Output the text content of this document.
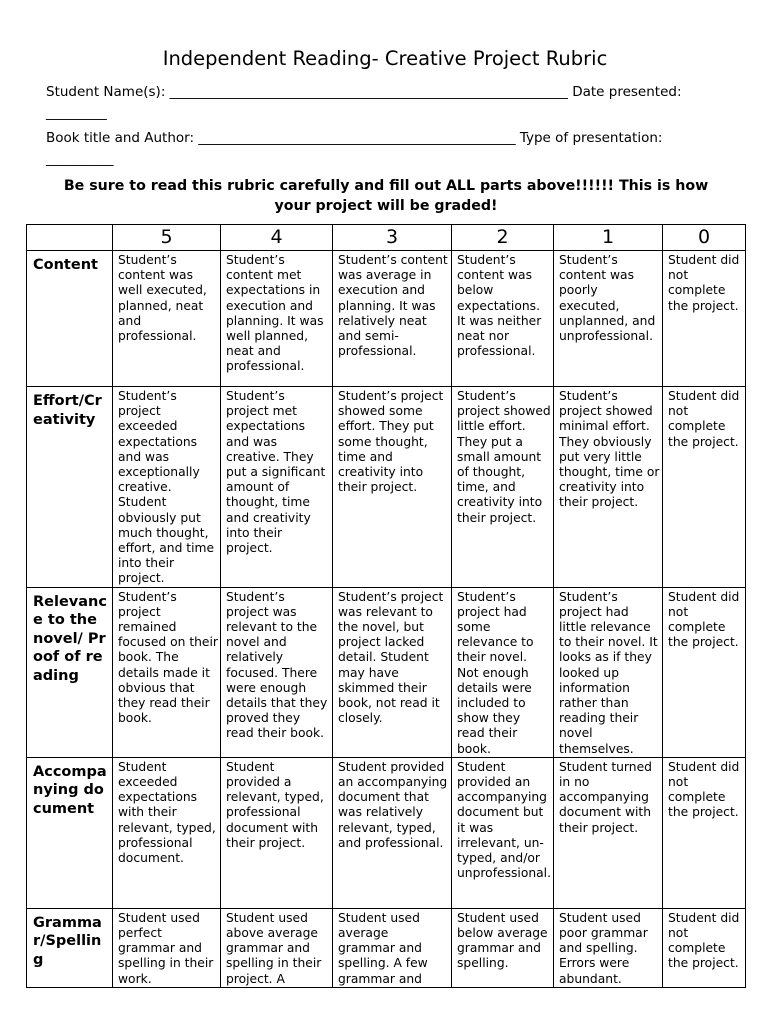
Independent Reading- Creative Project Rubric
Student Name(s): ___________________________________________________________ Date presented:
_________
Book title and Author: _______________________________________________ Type of presentation:
__________
Be sure to read this rubric carefully and fill out ALL parts above!!!!!! This is how your project will be graded!
	5	4	3	2	1	0
Content	Student’s content was well executed, planned, neat and professional.	Student’s content met expectations in execution and planning. It was well planned, neat and professional.	Student’s content was average in execution and planning. It was relatively neat and semi-professional.	Student’s content was below expectations. It was neither neat nor professional.	Student’s content was poorly executed, unplanned, and unprofessional.	Student did not complete the project.

Effort/Creativity	Student’s project exceeded expectations and was exceptionally creative. Student obviously put much thought, effort, and time into their project.	Student’s project met expectations and was creative. They put a significant amount of thought, time and creativity into their project.	Student’s project showed some effort. They put some thought, time and creativity into their project.	Student’s project showed little effort. They put a small amount of thought, time, and creativity into their project.	Student’s project showed minimal effort. They obviously put very little thought, time or creativity into their project.	Student did not complete the project.

Relevance to the novel/ Proof of reading	Student’s project remained focused on their book. The details made it obvious that they read their book.	Student’s project was relevant to the novel and relatively focused. There were enough details that they proved they read their book.	Student’s project was relevant to the novel, but project lacked detail. Student may have skimmed their book, not read it closely.	Student’s project had some relevance to their novel. Not enough details were included to show they read their book.	Student’s project had little relevance to their novel. It looks as if they looked up information rather than reading their novel themselves.	Student did not complete the project.

Accompanying document	Student exceeded expectations with their relevant, typed, professional document.	Student provided a relevant, typed, professional document with their project.	Student provided an accompanying document that was relatively relevant, typed, and professional.	Student provided an accompanying document but it was irrelevant, un-typed, and/or unprofessional.	Student turned in no accompanying document with their project.	Student did not complete the project.

Grammar/Spelling	Student used perfect grammar and spelling in their work.	Student used above average grammar and spelling in their project. A	Student used average grammar and spelling. A few grammar and	Student used below average grammar and spelling.	Student used poor grammar and spelling. Errors were abundant.	Student did not complete the project.
